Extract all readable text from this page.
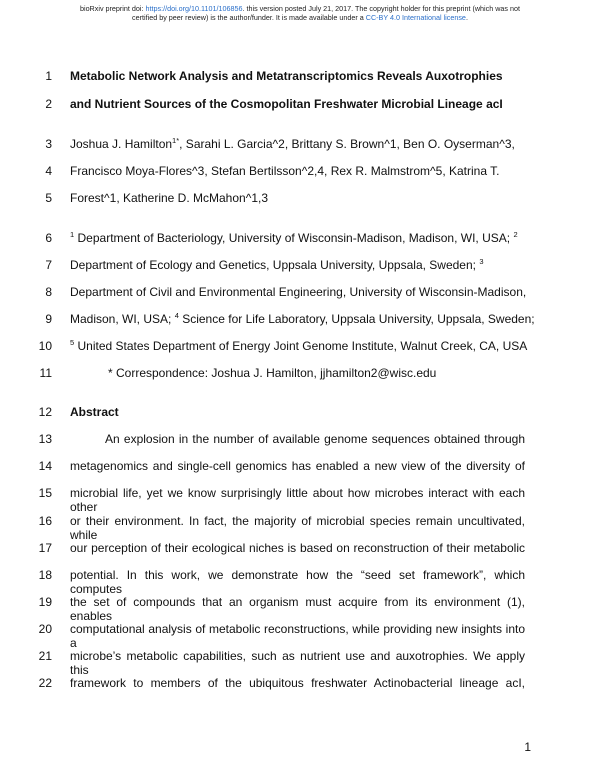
bioRxiv preprint doi: https://doi.org/10.1101/106856. this version posted July 21, 2017. The copyright holder for this preprint (which was not
certified by peer review) is the author/funder. It is made available under a CC-BY 4.0 International license.
1
2
3
4
5
6
7
8
9
10
11
12
13
14
15
16
17
18
19
20
21
22
Metabolic Network Analysis and Metatranscriptomics Reveals Auxotrophies
and Nutrient Sources of the Cosmopolitan Freshwater Microbial Lineage acI
Joshua J. Hamilton$^{1*}$, Sarahi L. Garcia^2, Brittany S. Brown^1, Ben O. Oyserman^3,
Francisco Moya-Flores^3, Stefan Bertilsson^2,4, Rex R. Malmstrom^5, Katrina T.
Forest^1, Katherine D. McMahon^1,3
$^1$ Department of Bacteriology, University of Wisconsin-Madison, Madison, WI, USA; $^2$
Department of Ecology and Genetics, Uppsala University, Uppsala, Sweden; $^3$
Department of Civil and Environmental Engineering, University of Wisconsin-Madison,
Madison, WI, USA; $^4$ Science for Life Laboratory, Uppsala University, Uppsala, Sweden;
$^5$ United States Department of Energy Joint Genome Institute, Walnut Creek, CA, USA
* Correspondence: Joshua J. Hamilton, jjhamilton2@wisc.edu
Abstract
An explosion in the number of available genome sequences obtained through
metagenomics and single-cell genomics has enabled a new view of the diversity of
microbial life, yet we know surprisingly little about how microbes interact with each other
or their environment. In fact, the majority of microbial species remain uncultivated, while
our perception of their ecological niches is based on reconstruction of their metabolic
potential. In this work, we demonstrate how the “seed set framework”, which computes
the set of compounds that an organism must acquire from its environment (1), enables
computational analysis of metabolic reconstructions, while providing new insights into a
microbe’s metabolic capabilities, such as nutrient use and auxotrophies. We apply this
framework to members of the ubiquitous freshwater Actinobacterial lineage acI,
1
